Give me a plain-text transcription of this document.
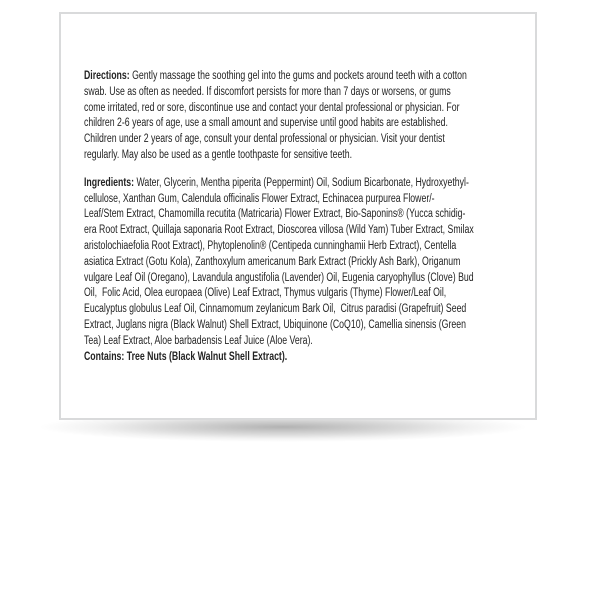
Directions: Gently massage the soothing gel into the gums and pockets around teeth with a cotton
swab. Use as often as needed. If discomfort persists for more than 7 days or worsens, or gums
come irritated, red or sore, discontinue use and contact your dental professional or physician. For
children 2-6 years of age, use a small amount and supervise until good habits are established.
Children under 2 years of age, consult your dental professional or physician. Visit your dentist
regularly. May also be used as a gentle toothpaste for sensitive teeth.
Ingredients: Water, Glycerin, Mentha piperita (Peppermint) Oil, Sodium Bicarbonate, Hydroxyethyl-
cellulose, Xanthan Gum, Calendula officinalis Flower Extract, Echinacea purpurea Flower/-
Leaf/Stem Extract, Chamomilla recutita (Matricaria) Flower Extract, Bio-Saponins® (Yucca schidig-
era Root Extract, Quillaja saponaria Root Extract, Dioscorea villosa (Wild Yam) Tuber Extract, Smilax
aristolochiaefolia Root Extract), Phytoplenolin® (Centipeda cunninghamii Herb Extract), Centella
asiatica Extract (Gotu Kola), Zanthoxylum americanum Bark Extract (Prickly Ash Bark), Origanum
vulgare Leaf Oil (Oregano), Lavandula angustifolia (Lavender) Oil, Eugenia caryophyllus (Clove) Bud
Oil,  Folic Acid, Olea europaea (Olive) Leaf Extract, Thymus vulgaris (Thyme) Flower/Leaf Oil,
Eucalyptus globulus Leaf Oil, Cinnamomum zeylanicum Bark Oil,  Citrus paradisi (Grapefruit) Seed
Extract, Juglans nigra (Black Walnut) Shell Extract, Ubiquinone (CoQ10), Camellia sinensis (Green
Tea) Leaf Extract, Aloe barbadensis Leaf Juice (Aloe Vera).
Contains: Tree Nuts (Black Walnut Shell Extract).
